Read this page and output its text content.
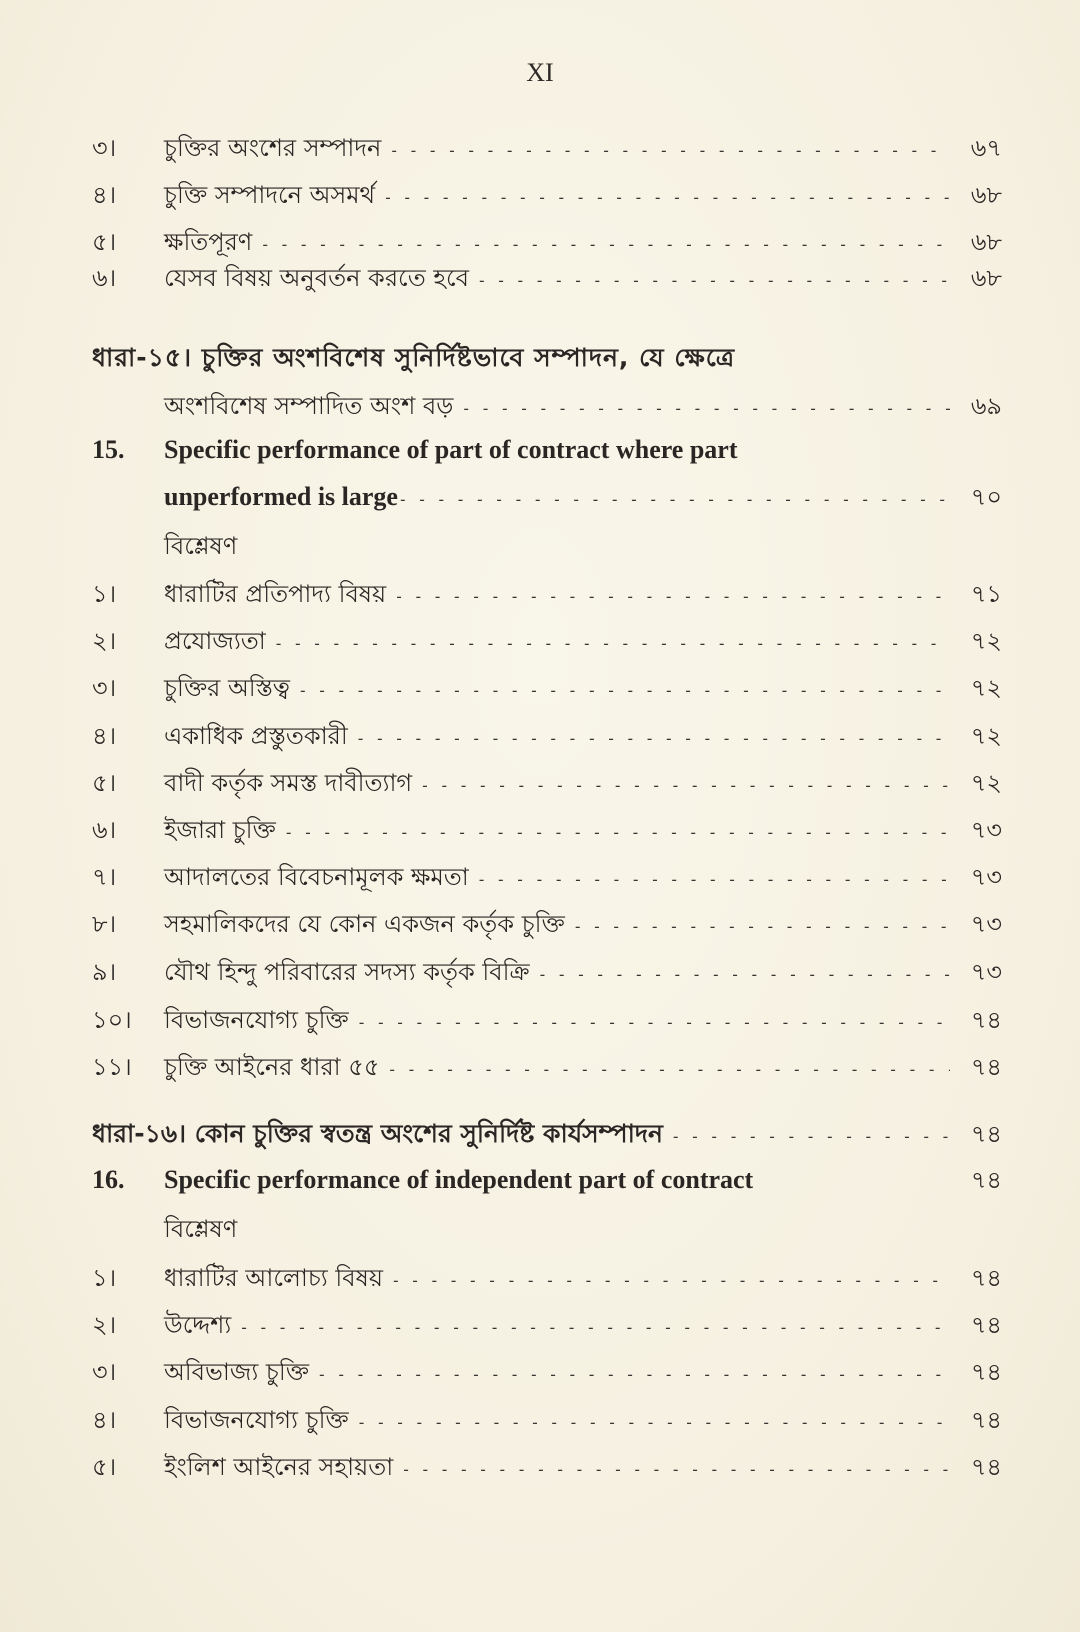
XI
৩।	চুক্তির অংশের সম্পাদন - - -	৬৭
৪।	চুক্তি সম্পাদনে অসমর্থ - - -	৬৮
৫।	ক্ষতিপূরণ - - -	৬৮
৬।	যেসব বিষয় অনুবর্তন করতে হবে - - -	৬৮
ধারা-১৫। চুক্তির অংশবিশেষ সুনির্দিষ্টভাবে সম্পাদন, যে ক্ষেত্রে
অংশবিশেষ সম্পাদিত অংশ বড় - - -	৬৯
15.	Specific performance of part of contract where part
unperformed is large - - -	৭০
বিশ্লেষণ
১।	ধারাটির প্রতিপাদ্য বিষয় - - -	৭১
২।	প্রযোজ্যতা - - -	৭২
৩।	চুক্তির অস্তিত্ব - - -	৭২
৪।	একাধিক প্রস্তুতকারী - - -	৭২
৫।	বাদী কর্তৃক সমস্ত দাবীত্যাগ - - -	৭২
৬।	ইজারা চুক্তি - - -	৭৩
৭।	আদালতের বিবেচনামূলক ক্ষমতা - - -	৭৩
৮।	সহমালিকদের যে কোন একজন কর্তৃক চুক্তি - - -	৭৩
৯।	যৌথ হিন্দু পরিবারের সদস্য কর্তৃক বিক্রি - - -	৭৩
১০।	বিভাজনযোগ্য চুক্তি - - -	৭৪
১১।	চুক্তি আইনের ধারা ৫৫ - - -	৭৪
ধারা-১৬। কোন চুক্তির স্বতন্ত্র অংশের সুনির্দিষ্ট কার্যসম্পাদন - - -	৭৪
16.	Specific performance of independent part of contract	৭৪
বিশ্লেষণ
১।	ধারাটির আলোচ্য বিষয় - - -	৭৪
২।	উদ্দেশ্য - - -	৭৪
৩।	অবিভাজ্য চুক্তি - - -	৭৪
৪।	বিভাজনযোগ্য চুক্তি - - -	৭৪
৫।	ইংলিশ আইনের সহায়তা - - -	৭৪
